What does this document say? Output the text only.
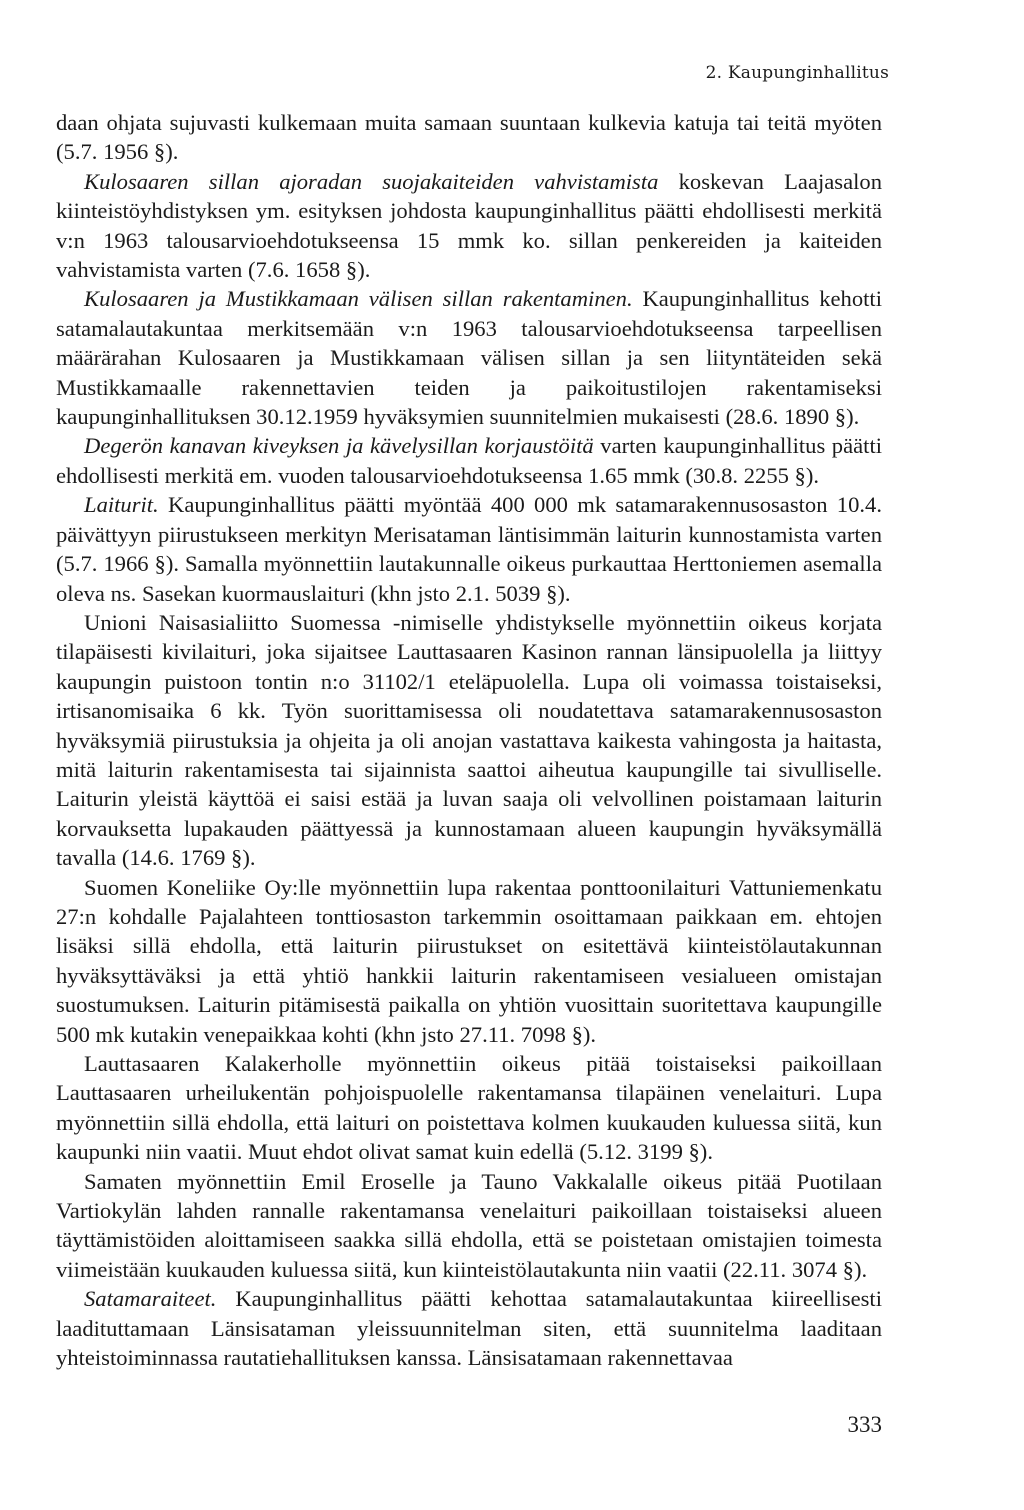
2. Kaupunginhallitus

daan ohjata sujuvasti kulkemaan muita samaan suuntaan kulkevia katuja tai teitä myöten (5.7. 1956 §).

Kulosaaren sillan ajoradan suojakaiteiden vahvistamista koskevan Laajasalon kiinteistöyhdistyksen ym. esityksen johdosta kaupunginhallitus päätti ehdollisesti merkitä v:n 1963 talousarvioehdotukseensa 15 mmk ko. sillan penkereiden ja kaiteiden vahvistamista varten (7.6. 1658 §).

Kulosaaren ja Mustikkamaan välisen sillan rakentaminen. Kaupunginhallitus kehotti satamalautakuntaa merkitsemään v:n 1963 talousarvioehdotukseensa tarpeellisen määrärahan Kulosaaren ja Mustikkamaan välisen sillan ja sen liityntäteiden sekä Mustikkamaalle rakennettavien teiden ja paikoitustilojen rakentamiseksi kaupunginhallituksen 30.12.1959 hyväksymien suunnitelmien mukaisesti (28.6. 1890 §).

Degerön kanavan kiveyksen ja kävelysillan korjaustöitä varten kaupunginhallitus päätti ehdollisesti merkitä em. vuoden talousarvioehdotukseensa 1.65 mmk (30.8. 2255 §).

Laiturit. Kaupunginhallitus päätti myöntää 400 000 mk satamarakennusosaston 10.4. päivättyyn piirustukseen merkityn Merisataman läntisimmän laiturin kunnostamista varten (5.7. 1966 §). Samalla myönnettiin lautakunnalle oikeus purkauttaa Herttoniemen asemalla oleva ns. Sasekan kuormauslaituri (khn jsto 2.1. 5039 §).

Unioni Naisasialiitto Suomessa -nimiselle yhdistykselle myönnettiin oikeus korjata tilapäisesti kivilaituri, joka sijaitsee Lauttasaaren Kasinon rannan länsipuolella ja liittyy kaupungin puistoon tontin n:o 31102/1 eteläpuolella. Lupa oli voimassa toistaiseksi, irtisanomisaika 6 kk. Työn suorittamisessa oli noudatettava satamarakennusosaston hyväksymiä piirustuksia ja ohjeita ja oli anojan vastattava kaikesta vahingosta ja haitasta, mitä laiturin rakentamisesta tai sijainnista saattoi aiheutua kaupungille tai sivulliselle. Laiturin yleistä käyttöä ei saisi estää ja luvan saaja oli velvollinen poistamaan laiturin korvauksetta lupakauden päättyessä ja kunnostamaan alueen kaupungin hyväksymällä tavalla (14.6. 1769 §).

Suomen Koneliike Oy:lle myönnettiin lupa rakentaa ponttoonilaituri Vattuniemenkatu 27:n kohdalle Pajalahteen tonttiosaston tarkemmin osoittamaan paikkaan em. ehtojen lisäksi sillä ehdolla, että laiturin piirustukset on esitettävä kiinteistölautakunnan hyväksyttäväksi ja että yhtiö hankkii laiturin rakentamiseen vesialueen omistajan suostumuksen. Laiturin pitämisestä paikalla on yhtiön vuosittain suoritettava kaupungille 500 mk kutakin venepaikkaa kohti (khn jsto 27.11. 7098 §).

Lauttasaaren Kalakerholle myönnettiin oikeus pitää toistaiseksi paikoillaan Lauttasaaren urheilukentän pohjoispuolelle rakentamansa tilapäinen venelaituri. Lupa myönnettiin sillä ehdolla, että laituri on poistettava kolmen kuukauden kuluessa siitä, kun kaupunki niin vaatii. Muut ehdot olivat samat kuin edellä (5.12. 3199 §).

Samaten myönnettiin Emil Eroselle ja Tauno Vakkalalle oikeus pitää Puotilaan Vartiokylän lahden rannalle rakentamansa venelaituri paikoillaan toistaiseksi alueen täyttämistöiden aloittamiseen saakka sillä ehdolla, että se poistetaan omistajien toimesta viimeistään kuukauden kuluessa siitä, kun kiinteistölautakunta niin vaatii (22.11. 3074 §).

Satamaraiteet. Kaupunginhallitus päätti kehottaa satamalautakuntaa kiireellisesti laadituttamaan Länsisataman yleissuunnitelman siten, että suunnitelma laaditaan yhteistoiminnassa rautatiehallituksen kanssa. Länsisatamaan rakennettavaa

333
